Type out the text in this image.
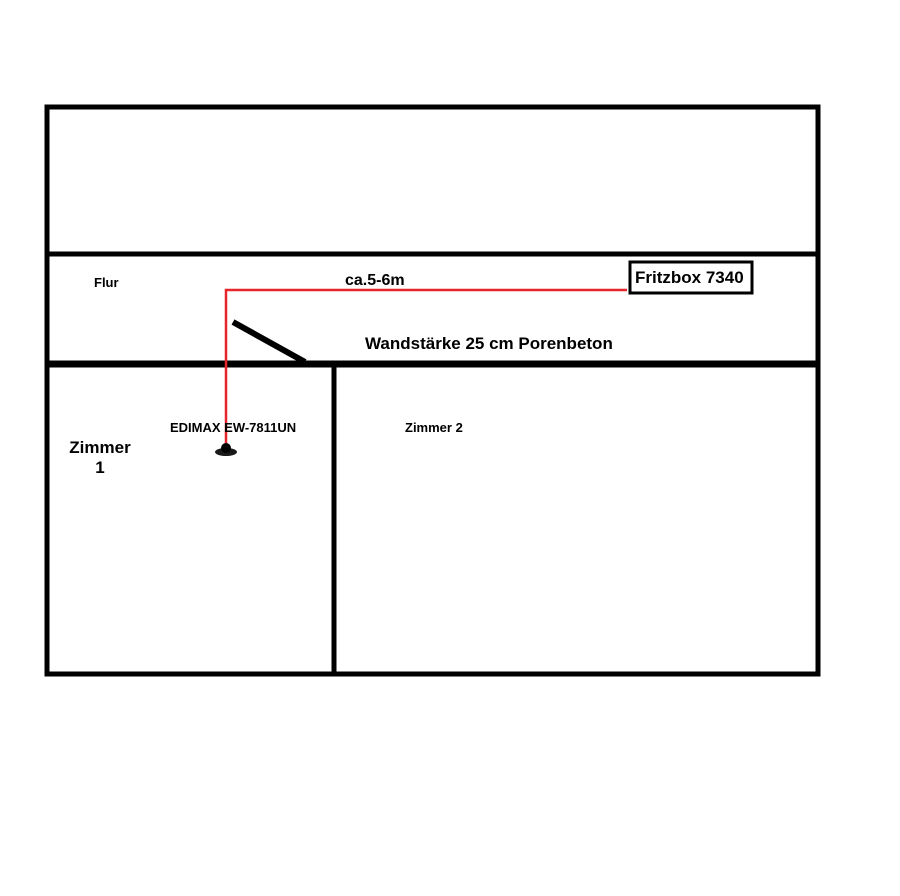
Flur	ca.5-6m	Fritzbox 7340
Wandstärke 25 cm Porenbeton
EDIMAX EW-7811UN
Zimmer
1
Zimmer 2
